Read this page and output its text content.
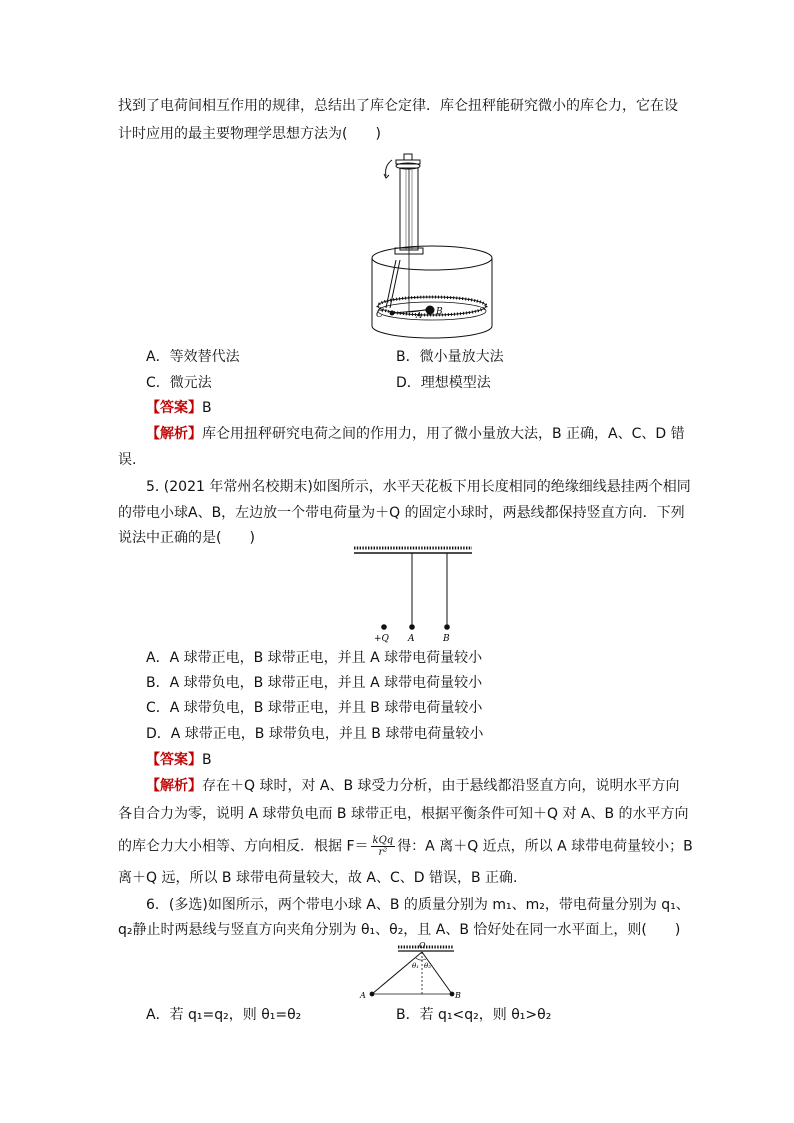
找到了电荷间相互作用的规律，总结出了库仑定律．库仑扭秤能研究微小的库仑力，它在设
计时应用的最主要物理学思想方法为(　　)
C	A B
A．等效替代法	B．微小量放大法
C．微元法	D．理想模型法
【答案】B
【解析】库仑用扭秤研究电荷之间的作用力，用了微小量放大法，B 正确，A、C、D 错
误.
5. (2021 年常州名校期末)如图所示，水平天花板下用长度相同的绝缘细线悬挂两个相同
的带电小球A、B，左边放一个带电荷量为＋Q 的固定小球时，两悬线都保持竖直方向．下列
说法中正确的是(　　)
+Q A	B
A．A 球带正电，B 球带正电，并且 A 球带电荷量较小
B．A 球带负电，B 球带正电，并且 A 球带电荷量较小
C．A 球带负电，B 球带正电，并且 B 球带电荷量较小
D．A 球带正电，B 球带负电，并且 B 球带电荷量较小
【答案】B
【解析】存在＋Q 球时，对 A、B 球受力分析，由于悬线都沿竖直方向，说明水平方向
各自合力为零，说明 A 球带负电而 B 球带正电，根据平衡条件可知＋Q 对 A、B 的水平方向
的库仑力大小相等、方向相反．根据 $F= \frac{\text{kQq}}{\text{r²}}$ 得：A 离＋Q 近点，所以 A 球带电荷量较小；B
离＋Q 远，所以 B 球带电荷量较大，故 A、C、D 错误，B 正确.
6．(多选)如图所示，两个带电小球 A、B 的质量分别为 m₁、m₂，带电荷量分别为 q₁、
q₂静止时两悬线与竖直方向夹角分别为 θ₁、θ₂，且 A、B 恰好处在同一水平面上，则(　　)
O
θ₁ θ₂
A	B
A．若 q₁=q₂，则 θ₁=θ₂	B．若 q₁<q₂，则 θ₁>θ₂
